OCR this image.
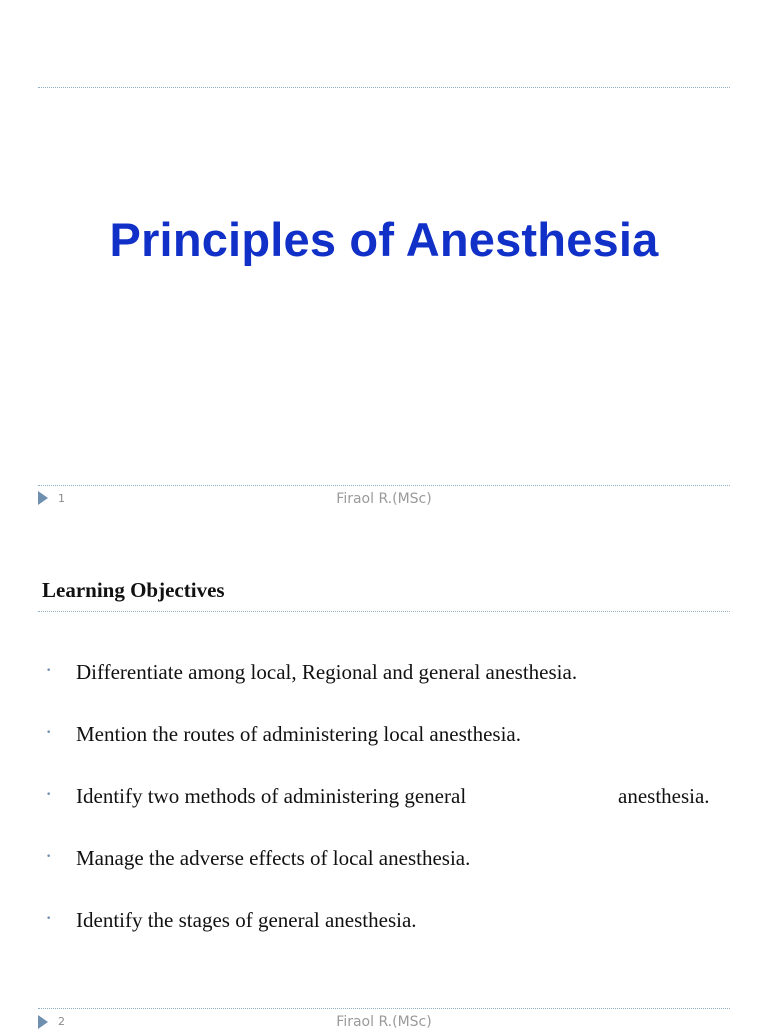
Principles of Anesthesia
1	Firaol R.(MSc)
Learning Objectives
• Differentiate among local, Regional and general anesthesia.
• Mention the routes of administering local anesthesia.
• Identify two methods of administering general	anesthesia.
• Manage the adverse effects of local anesthesia.
• Identify the stages of general anesthesia.
2	Firaol R.(MSc)
